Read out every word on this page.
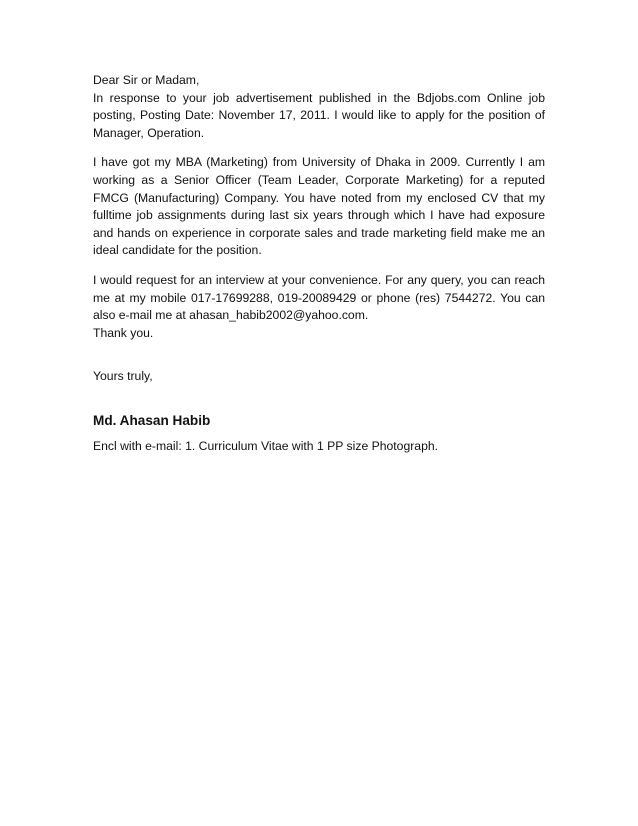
Dear Sir or Madam,

In response to your job advertisement published in the Bdjobs.com Online job posting, Posting Date: November 17, 2011. I would like to apply for the position of Manager, Operation.

I have got my MBA (Marketing) from University of Dhaka in 2009. Currently I am working as a Senior Officer (Team Leader, Corporate Marketing) for a reputed FMCG (Manufacturing) Company. You have noted from my enclosed CV that my fulltime job assignments during last six years through which I have had exposure and hands on experience in corporate sales and trade marketing field make me an ideal candidate for the position.

I would request for an interview at your convenience. For any query, you can reach me at my mobile 017-17699288, 019-20089429 or phone (res) 7544272. You can also e-mail me at ahasan_habib2002@yahoo.com.

Thank you.

Yours truly,

Md. Ahasan Habib

Encl with e-mail: 1. Curriculum Vitae with 1 PP size Photograph.
